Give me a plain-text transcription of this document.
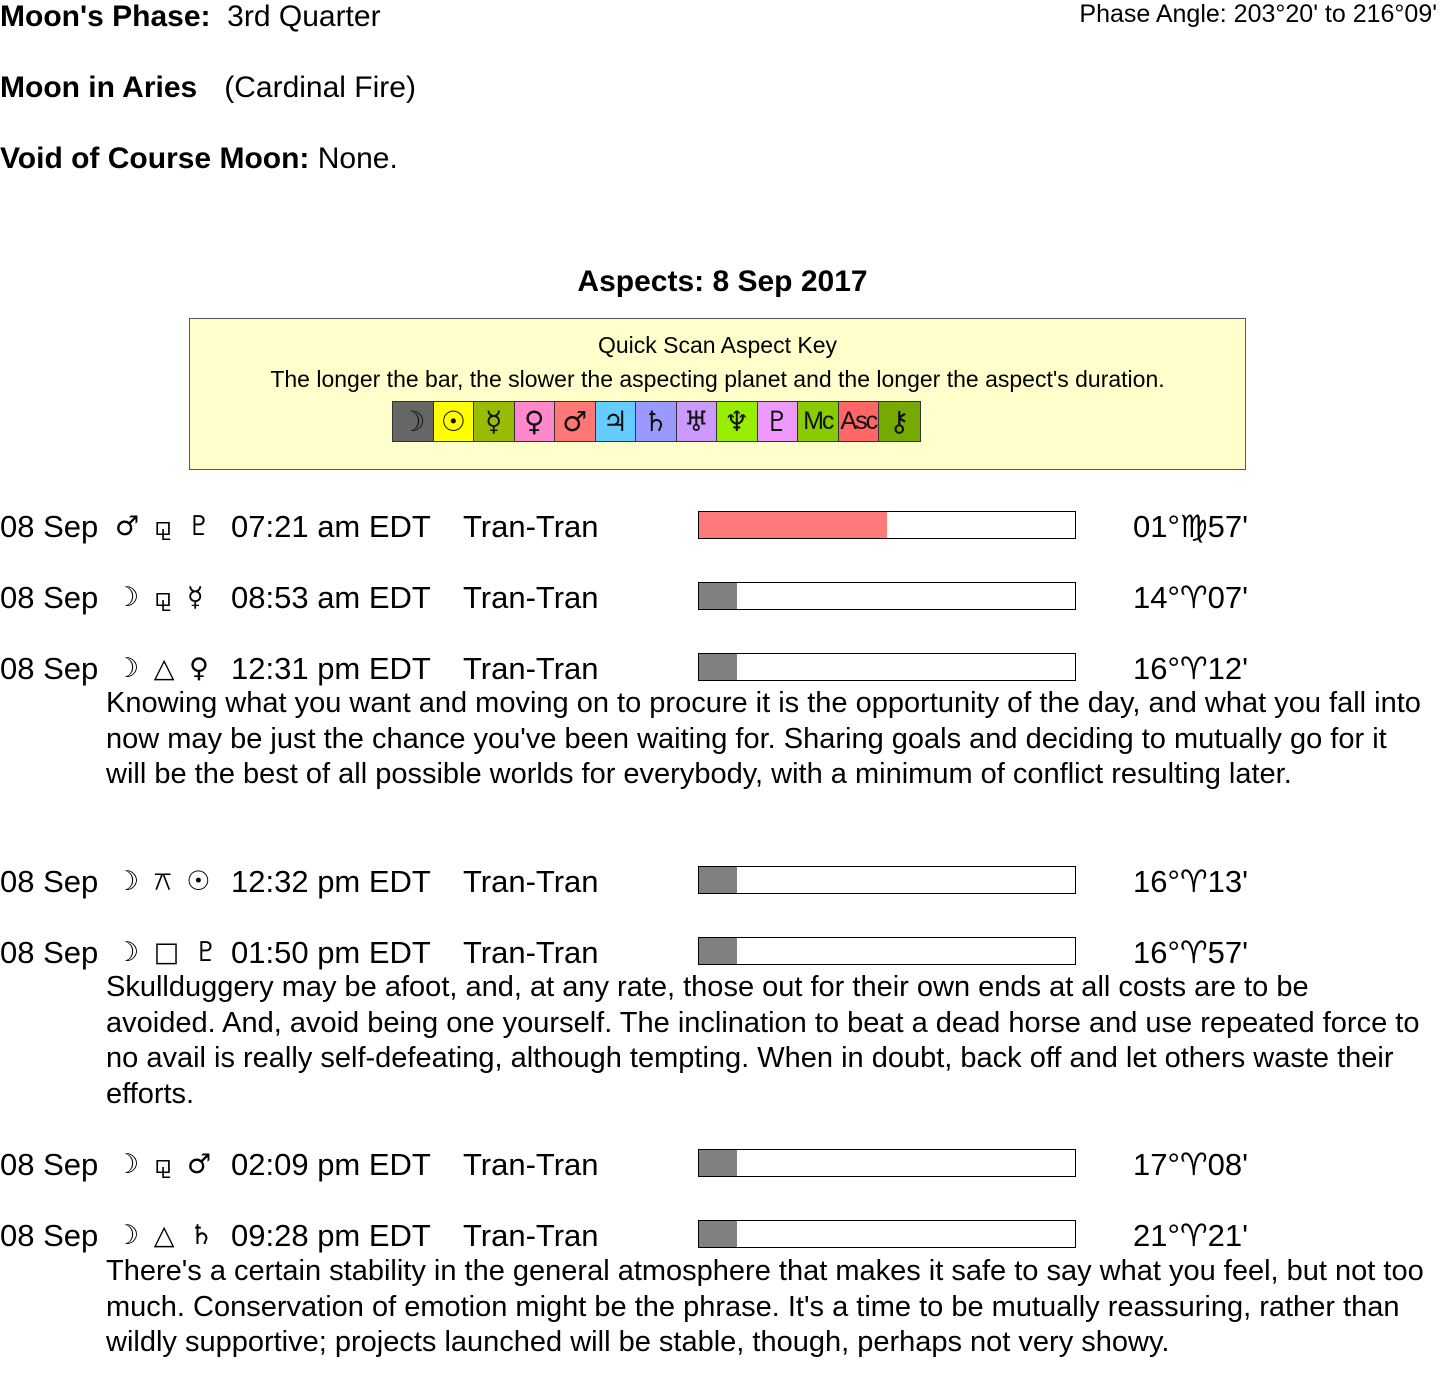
Moon's Phase: 3rd Quarter	Phase Angle: 203°20' to 216°09'
Moon in Aries (Cardinal Fire)
Void of Course Moon: None.
Aspects: 8 Sep 2017
Quick Scan Aspect Key
The longer the bar, the slower the aspecting planet and the longer the aspect's duration.
☽ ☉ ☿ ♀ ♂ ♃ ♄ ♅ ♆ ♇ Mc Asc ⚷
08 Sep ♂ ⚼ ♇ 07:21 am EDT Tran-Tran	01°♍57'
08 Sep ☽ ⚼ ☿ 08:53 am EDT Tran-Tran	14°♈07'
08 Sep ☽ △ ♀ 12:31 pm EDT Tran-Tran	16°♈12'
Knowing what you want and moving on to procure it is the opportunity of the day, and what you fall into now may be just the chance you've been waiting for. Sharing goals and deciding to mutually go for it will be the best of all possible worlds for everybody, with a minimum of conflict resulting later.
08 Sep ☽ ⚻ ☉ 12:32 pm EDT Tran-Tran	16°♈13'
08 Sep ☽ □ ♇ 01:50 pm EDT Tran-Tran	16°♈57'
Skullduggery may be afoot, and, at any rate, those out for their own ends at all costs are to be avoided. And, avoid being one yourself. The inclination to beat a dead horse and use repeated force to no avail is really self-defeating, although tempting. When in doubt, back off and let others waste their efforts.
08 Sep ☽ ⚼ ♂ 02:09 pm EDT Tran-Tran	17°♈08'
08 Sep ☽ △ ♄ 09:28 pm EDT Tran-Tran	21°♈21'
There's a certain stability in the general atmosphere that makes it safe to say what you feel, but not too much. Conservation of emotion might be the phrase. It's a time to be mutually reassuring, rather than wildly supportive; projects launched will be stable, though, perhaps not very showy.
